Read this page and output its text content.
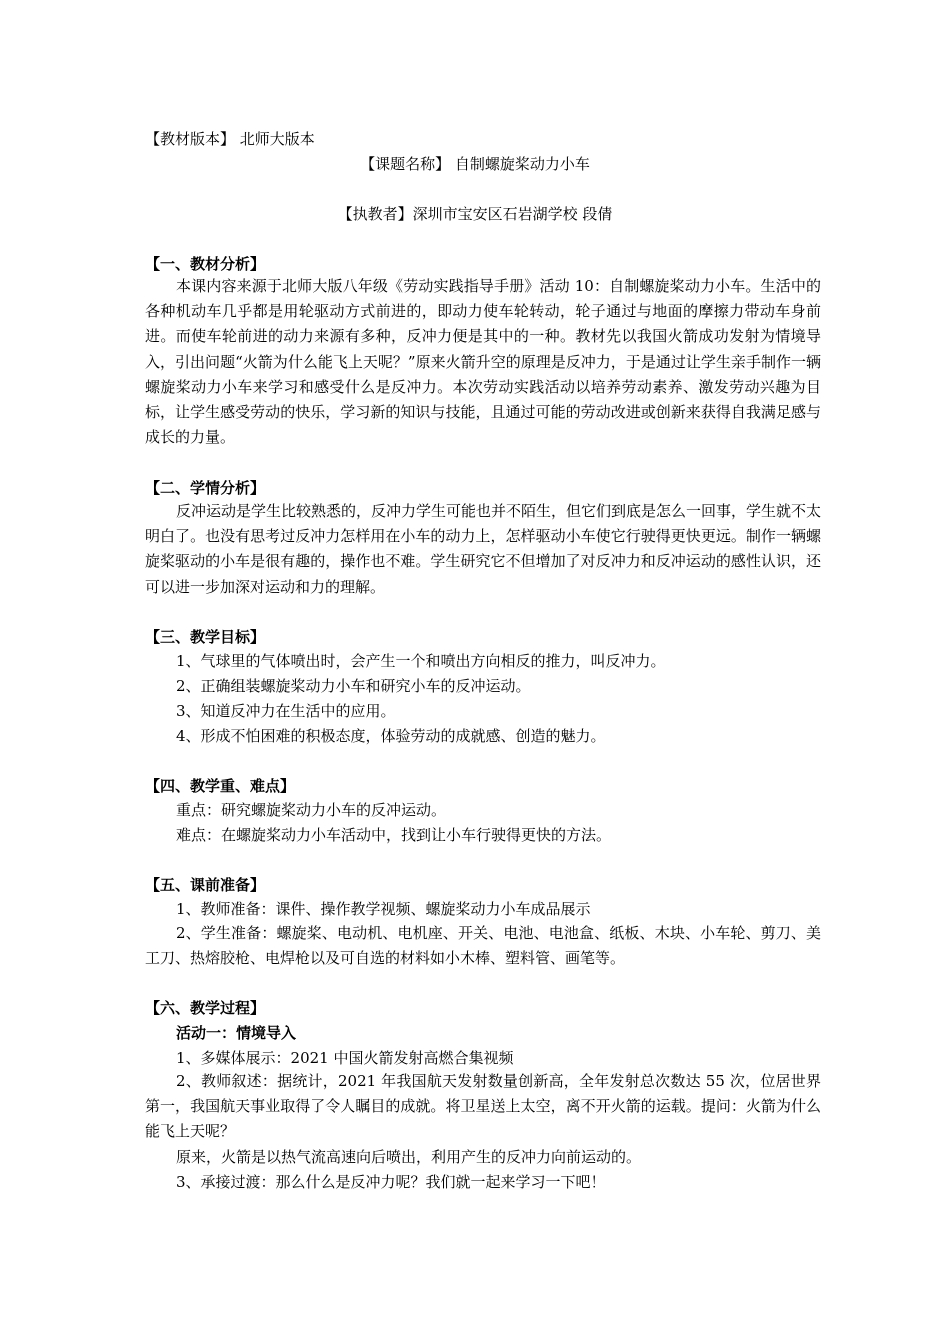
【教材版本】 北师大版本
【课题名称】 自制螺旋桨动力小车
【执教者】深圳市宝安区石岩湖学校 段倩
【一、教材分析】
本课内容来源于北师大版八年级《劳动实践指导手册》活动 10：自制螺旋桨动力小车。生活中的各种机动车几乎都是用轮驱动方式前进的，即动力使车轮转动，轮子通过与地面的摩擦力带动车身前进。而使车轮前进的动力来源有多种，反冲力便是其中的一种。教材先以我国火箭成功发射为情境导入，引出问题“火箭为什么能飞上天呢？”原来火箭升空的原理是反冲力，于是通过让学生亲手制作一辆螺旋桨动力小车来学习和感受什么是反冲力。本次劳动实践活动以培养劳动素养、激发劳动兴趣为目标，让学生感受劳动的快乐，学习新的知识与技能，且通过可能的劳动改进或创新来获得自我满足感与成长的力量。
【二、学情分析】
反冲运动是学生比较熟悉的，反冲力学生可能也并不陌生，但它们到底是怎么一回事，学生就不太明白了。也没有思考过反冲力怎样用在小车的动力上，怎样驱动小车使它行驶得更快更远。制作一辆螺旋桨驱动的小车是很有趣的，操作也不难。学生研究它不但增加了对反冲力和反冲运动的感性认识，还可以进一步加深对运动和力的理解。
【三、教学目标】
1、气球里的气体喷出时，会产生一个和喷出方向相反的推力，叫反冲力。
2、正确组装螺旋桨动力小车和研究小车的反冲运动。
3、知道反冲力在生活中的应用。
4、形成不怕困难的积极态度，体验劳动的成就感、创造的魅力。
【四、教学重、难点】
重点：研究螺旋桨动力小车的反冲运动。
难点：在螺旋桨动力小车活动中，找到让小车行驶得更快的方法。
【五、课前准备】
1、教师准备：课件、操作教学视频、螺旋桨动力小车成品展示
2、学生准备：螺旋桨、电动机、电机座、开关、电池、电池盒、纸板、木块、小车轮、剪刀、美工刀、热熔胶枪、电焊枪以及可自选的材料如小木棒、塑料管、画笔等。
【六、教学过程】
活动一：情境导入
1、多媒体展示：2021 中国火箭发射高燃合集视频
2、教师叙述：据统计，2021 年我国航天发射数量创新高，全年发射总次数达 55 次，位居世界第一，我国航天事业取得了令人瞩目的成就。将卫星送上太空，离不开火箭的运载。提问：火箭为什么能飞上天呢？
原来，火箭是以热气流高速向后喷出，利用产生的反冲力向前运动的。
3、承接过渡：那么什么是反冲力呢？我们就一起来学习一下吧！
